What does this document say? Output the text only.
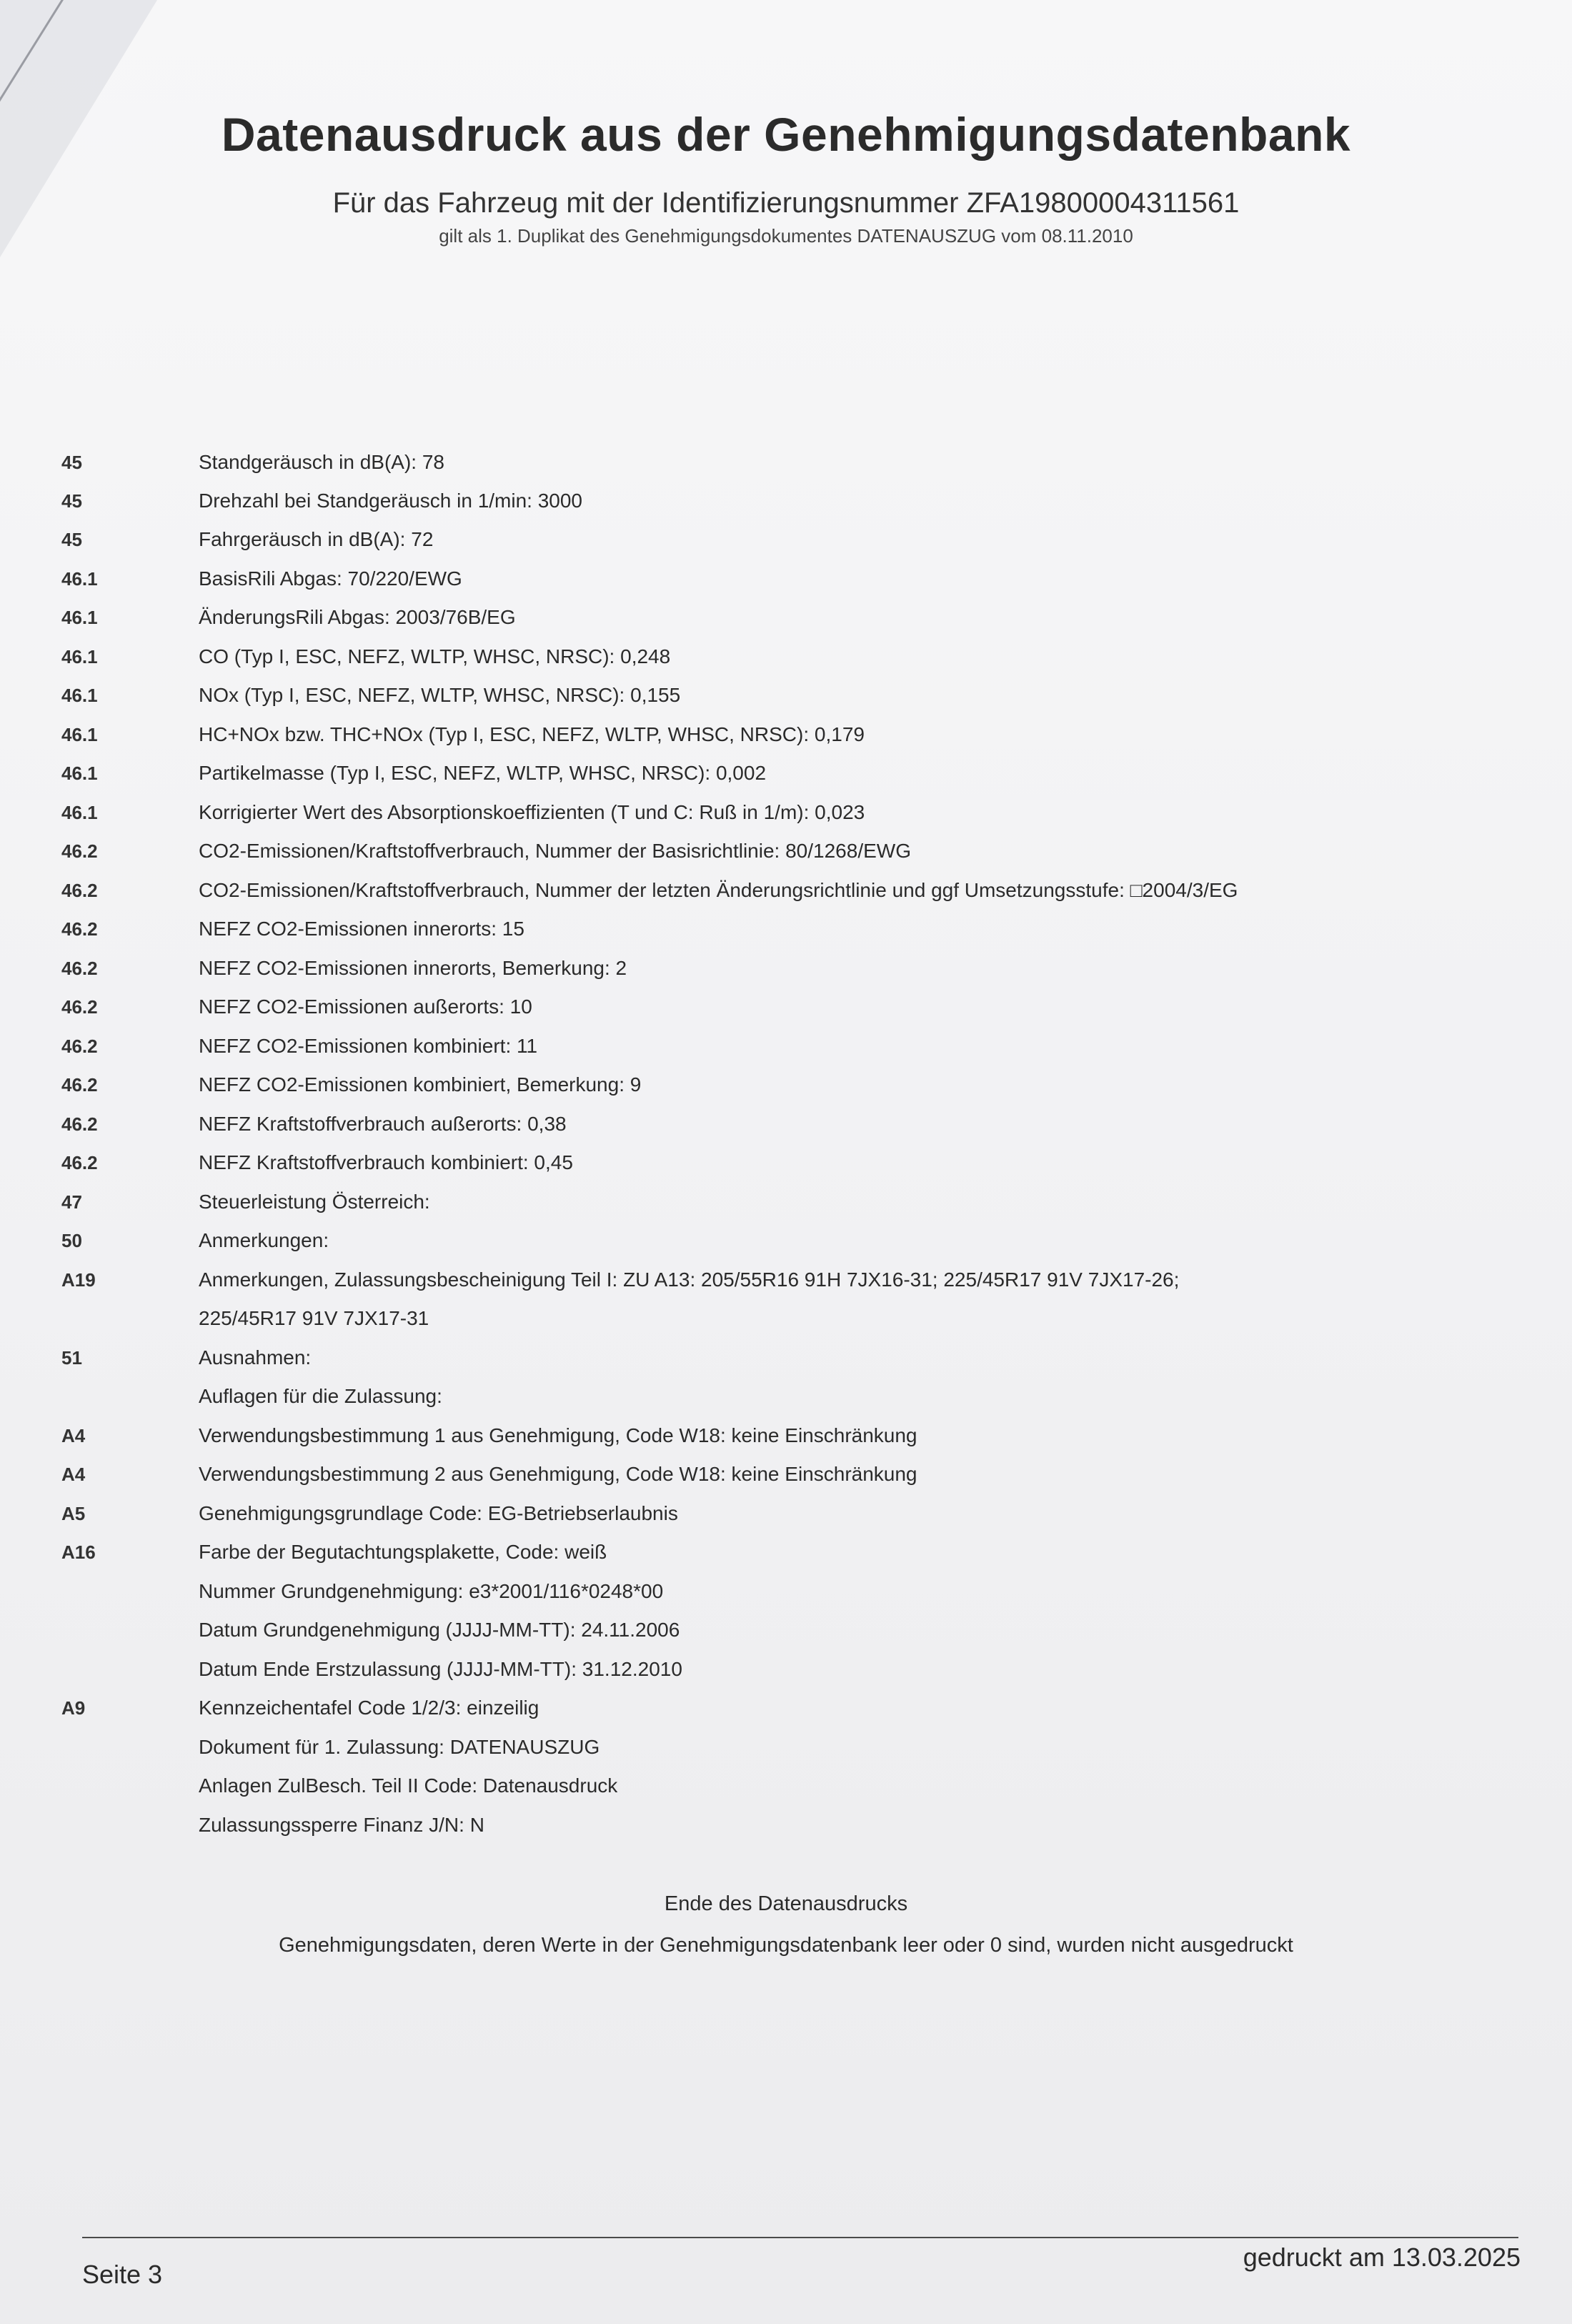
Datenausdruck aus der Genehmigungsdatenbank
Für das Fahrzeug mit der Identifizierungsnummer ZFA19800004311561
gilt als 1. Duplikat des Genehmigungsdokumentes DATENAUSZUG vom 08.11.2010
45	Standgeräusch in dB(A): 78
45	Drehzahl bei Standgeräusch in 1/min: 3000
45	Fahrgeräusch in dB(A): 72
46.1	BasisRili Abgas: 70/220/EWG
46.1	ÄnderungsRili Abgas: 2003/76B/EG
46.1	CO (Typ I, ESC, NEFZ, WLTP, WHSC, NRSC): 0,248
46.1	NOx (Typ I, ESC, NEFZ, WLTP, WHSC, NRSC): 0,155
46.1	HC+NOx bzw. THC+NOx (Typ I, ESC, NEFZ, WLTP, WHSC, NRSC): 0,179
46.1	Partikelmasse (Typ I, ESC, NEFZ, WLTP, WHSC, NRSC): 0,002
46.1	Korrigierter Wert des Absorptionskoeffizienten (T und C: Ruß in 1/m): 0,023
46.2	CO2-Emissionen/Kraftstoffverbrauch, Nummer der Basisrichtlinie: 80/1268/EWG
46.2	CO2-Emissionen/Kraftstoffverbrauch, Nummer der letzten Änderungsrichtlinie und ggf Umsetzungsstufe: □2004/3/EG
46.2	NEFZ CO2-Emissionen innerorts: 15
46.2	NEFZ CO2-Emissionen innerorts, Bemerkung: 2
46.2	NEFZ CO2-Emissionen außerorts: 10
46.2	NEFZ CO2-Emissionen kombiniert: 11
46.2	NEFZ CO2-Emissionen kombiniert, Bemerkung: 9
46.2	NEFZ Kraftstoffverbrauch außerorts: 0,38
46.2	NEFZ Kraftstoffverbrauch kombiniert: 0,45
47	Steuerleistung Österreich:
50	Anmerkungen:
A19	Anmerkungen, Zulassungsbescheinigung Teil I: ZU A13: 205/55R16 91H 7JX16-31; 225/45R17 91V 7JX17-26;
225/45R17 91V 7JX17-31
51	Ausnahmen:
Auflagen für die Zulassung:
A4	Verwendungsbestimmung 1 aus Genehmigung, Code W18: keine Einschränkung
A4	Verwendungsbestimmung 2 aus Genehmigung, Code W18: keine Einschränkung
A5	Genehmigungsgrundlage Code: EG-Betriebserlaubnis
A16	Farbe der Begutachtungsplakette, Code: weiß
Nummer Grundgenehmigung: e3*2001/116*0248*00
Datum Grundgenehmigung (JJJJ-MM-TT): 24.11.2006
Datum Ende Erstzulassung (JJJJ-MM-TT): 31.12.2010
A9	Kennzeichentafel Code 1/2/3: einzeilig
Dokument für 1. Zulassung: DATENAUSZUG
Anlagen ZulBesch. Teil II Code: Datenausdruck
Zulassungssperre Finanz J/N: N
Ende des Datenausdrucks
Genehmigungsdaten, deren Werte in der Genehmigungsdatenbank leer oder 0 sind, wurden nicht ausgedruckt
Seite 3
gedruckt am 13.03.2025
